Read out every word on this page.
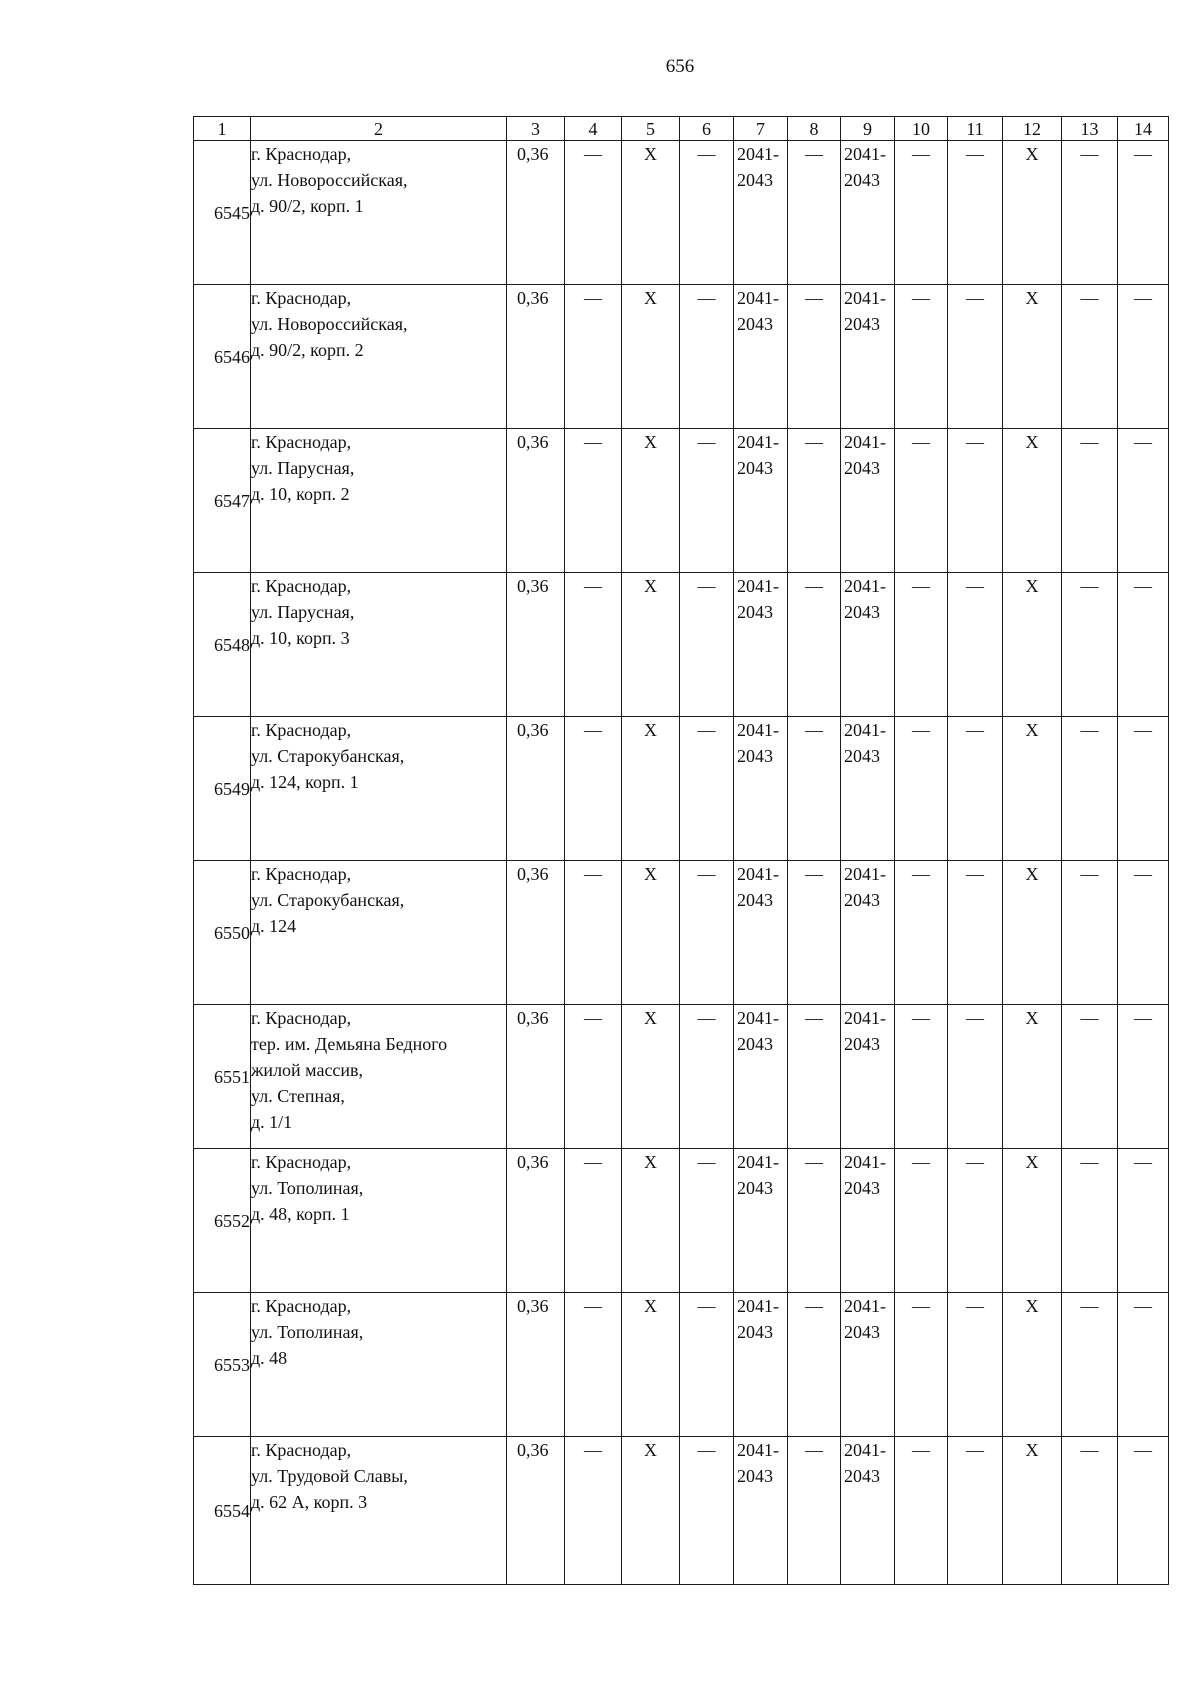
656
1	2	3	4	5	6	7	8	9	10	11	12	13	14
6545	г. Краснодар,
ул. Новороссийская,
д. 90/2, корп. 1	0,36	—	X	—	2041-
2043	—	2041-
2043	—	—	X	—	—
6546	г. Краснодар,
ул. Новороссийская,
д. 90/2, корп. 2	0,36	—	X	—	2041-
2043	—	2041-
2043	—	—	X	—	—
6547	г. Краснодар,
ул. Парусная,
д. 10, корп. 2	0,36	—	X	—	2041-
2043	—	2041-
2043	—	—	X	—	—
6548	г. Краснодар,
ул. Парусная,
д. 10, корп. 3	0,36	—	X	—	2041-
2043	—	2041-
2043	—	—	X	—	—
6549	г. Краснодар,
ул. Старокубанская,
д. 124, корп. 1	0,36	—	X	—	2041-
2043	—	2041-
2043	—	—	X	—	—
6550	г. Краснодар,
ул. Старокубанская,
д. 124	0,36	—	X	—	2041-
2043	—	2041-
2043	—	—	X	—	—
6551	г. Краснодар,
тер. им. Демьяна Бедного
жилой массив,
ул. Степная,
д. 1/1	0,36	—	X	—	2041-
2043	—	2041-
2043	—	—	X	—	—
6552	г. Краснодар,
ул. Тополиная,
д. 48, корп. 1	0,36	—	X	—	2041-
2043	—	2041-
2043	—	—	X	—	—
6553	г. Краснодар,
ул. Тополиная,
д. 48	0,36	—	X	—	2041-
2043	—	2041-
2043	—	—	X	—	—
6554	г. Краснодар,
ул. Трудовой Славы,
д. 62 А, корп. 3	0,36	—	X	—	2041-
2043	—	2041-
2043	—	—	X	—	—
